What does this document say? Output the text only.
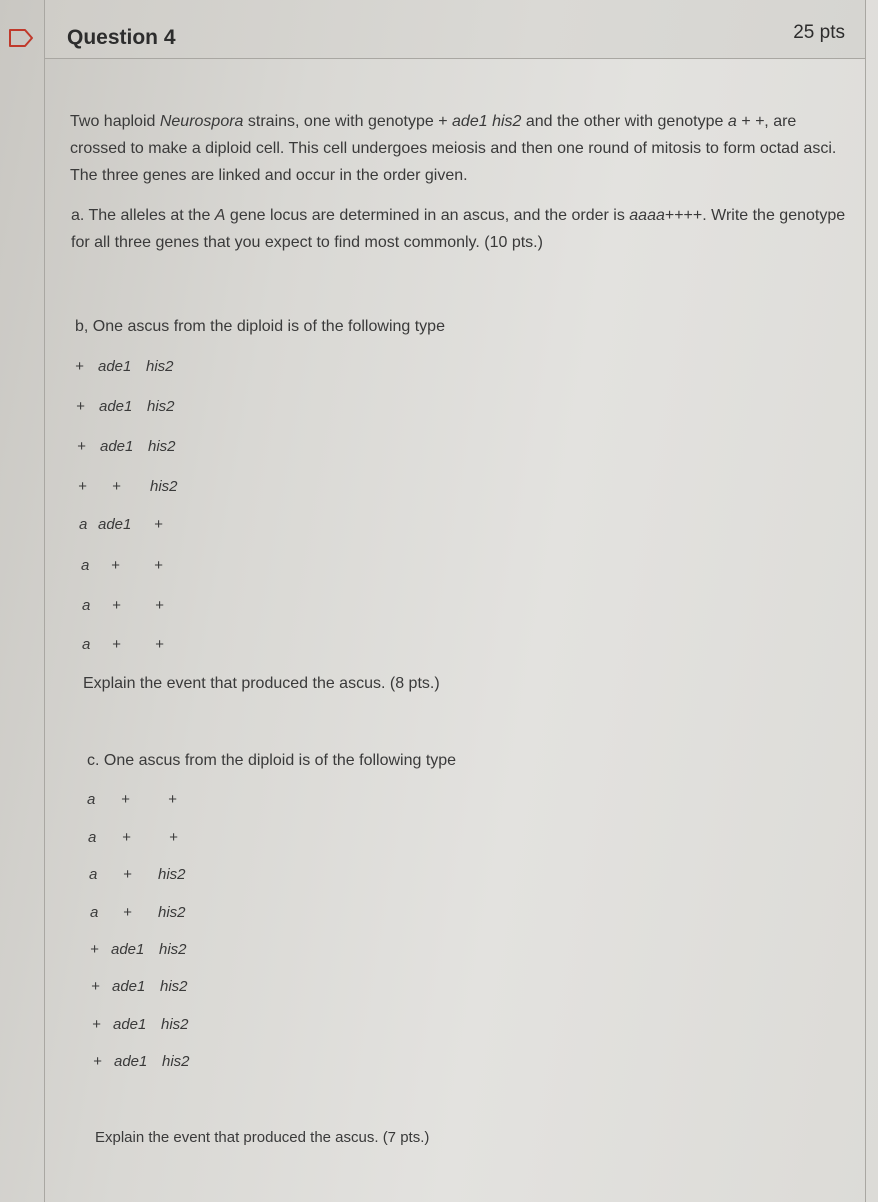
Question 4	25 pts
Two haploid Neurospora strains, one with genotype + ade1 his2 and the other with genotype a + +, are crossed to make a diploid cell. This cell undergoes meiosis and then one round of mitosis to form octad asci. The three genes are linked and occur in the order given.
a. The alleles at the A gene locus are determined in an ascus, and the order is aaaa++++. Write the genotype for all three genes that you expect to find most commonly. (10 pts.)
b, One ascus from the diploid is of the following type
+ ade1 his2
+ ade1 his2
+ ade1 his2
+ + his2
a ade1 +
a + +
a + +
a + +
Explain the event that produced the ascus. (8 pts.)
c. One ascus from the diploid is of the following type
a +	+
a +	+
a + his2
a + his2
+ ade1 his2
+ ade1 his2
+ ade1 his2
+ ade1 his2
Explain the event that produced the ascus. (7 pts.)
